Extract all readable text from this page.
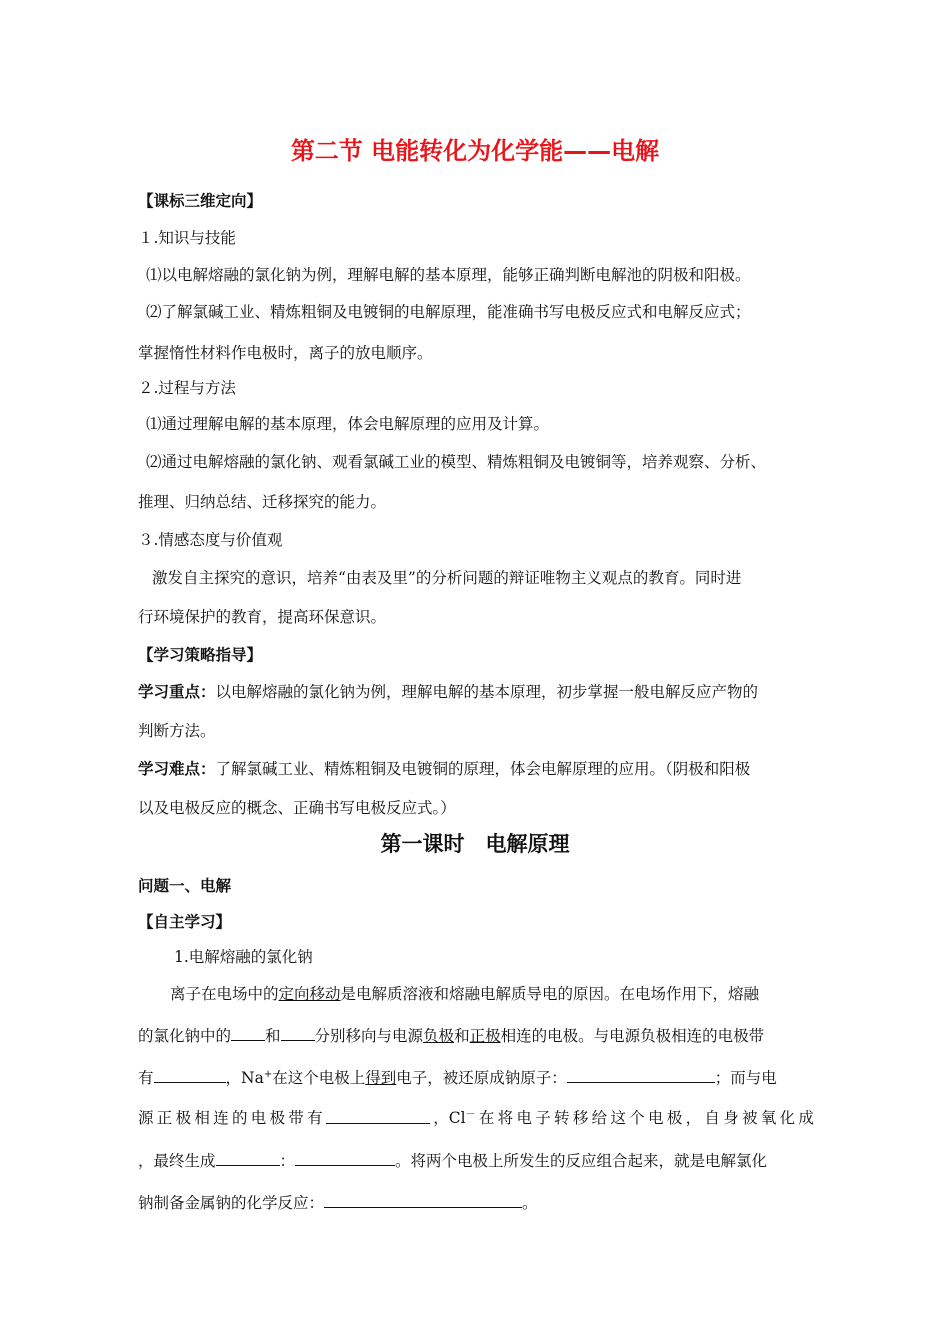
第二节 电能转化为化学能——电解
【课标三维定向】
１.知识与技能
⑴以电解熔融的氯化钠为例，理解电解的基本原理，能够正确判断电解池的阴极和阳极。
⑵了解氯碱工业、精炼粗铜及电镀铜的电解原理，能准确书写电极反应式和电解反应式；
掌握惰性材料作电极时，离子的放电顺序。
２.过程与方法
⑴通过理解电解的基本原理，体会电解原理的应用及计算。
⑵通过电解熔融的氯化钠、观看氯碱工业的模型、精炼粗铜及电镀铜等，培养观察、分析、
推理、归纳总结、迁移探究的能力。
３.情感态度与价值观
激发自主探究的意识，培养“由表及里”的分析问题的辩证唯物主义观点的教育。同时进
行环境保护的教育，提高环保意识。
【学习策略指导】
学习重点：以电解熔融的氯化钠为例，理解电解的基本原理，初步掌握一般电解反应产物的
判断方法。
学习难点：了解氯碱工业、精炼粗铜及电镀铜的原理，体会电解原理的应用。（阴极和阳极
以及电极反应的概念、正确书写电极反应式。）
第一课时　电解原理
问题一、电解
【自主学习】
1.电解熔融的氯化钠
离子在电场中的定向移动是电解质溶液和熔融电解质导电的原因。在电场作用下，熔融
的氯化钠中的 和 分别移向与电源负极和正极相连的电极。与电源负极相连的电极带
有	，Na+在这个电极上得到电子，被还原成钠原子：	；而与电
源 正 极 相 连 的 电 极 带 有	，Cl－ 在 将 电 子 转 移 给 这 个 电 极 ， 自 身 被 氧 化 成
，最终生成	：	。将两个电极上所发生的反应组合起来，就是电解氯化
钠制备金属钠的化学反应：	。
